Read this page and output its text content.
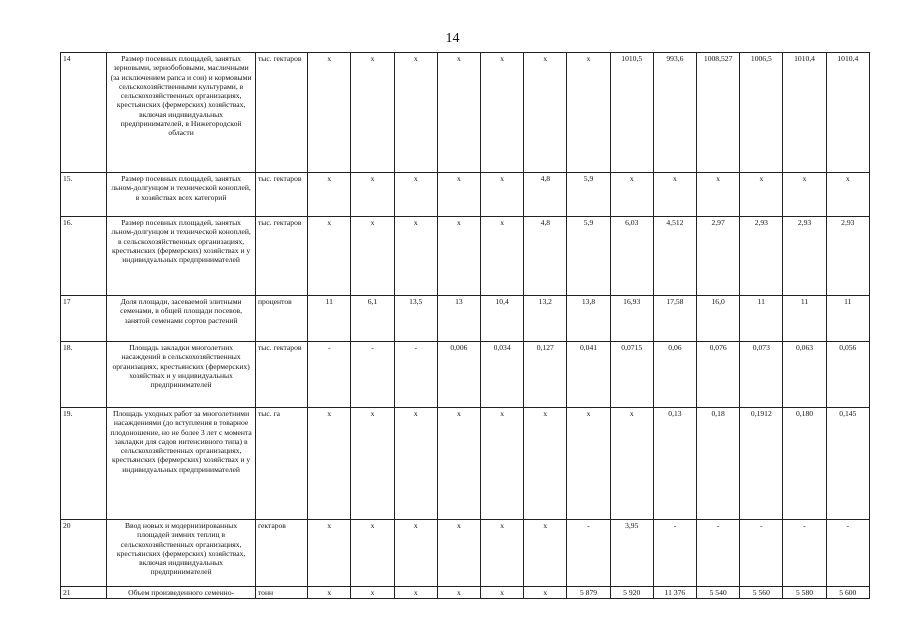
14
14	Размер посевных площадей, занятых зерновыми, зернобобовыми, масличными (за исключением рапса и сои) и кормовыми сельскохозяйственными культурами, в сельскохозяйственных организациях, крестьянских (фермерских) хозяйствах, включая индивидуальных предпринимателей, в Нижегородской области	тыс. гектаров	х	х	х	х	х	х	х	1010,5	993,6	1008,527	1006,5	1010,4	1010,4
15.	Размер посевных площадей, занятых льном-долгунцом и технической коноплей, в хозяйствах всех категорий	тыс. гектаров	х	х	х	х	х	4,8	5,9	х	х	х	х	х	х
16.	Размер посевных площадей, занятых льном-долгунцом и технической коноплей, в сельскохозяйственных организациях, крестьянских (фермерских) хозяйствах и у индивидуальных предпринимателей	тыс. гектаров	х	х	х	х	х	4,8	5,9	6,03	4,512	2,97	2,93	2,93	2,93
17	Доля площади, засеваемой элитными семенами, в общей площади посевов, занятой семенами сортов растений	процентов	11	6,1	13,5	13	10,4	13,2	13,8	16,93	17,58	16,0	11	11	11
18.	Площадь закладки многолетних насаждений в сельскохозяйственных организациях, крестьянских (фермерских) хозяйствах и у индивидуальных предпринимателей	тыс. гектаров	-	-	-	0,006	0,034	0,127	0,041	0,0715	0,06	0,076	0,073	0,063	0,056
19.	Площадь уходных работ за многолетними насаждениями (до вступления в товарное плодоношение, но не более 3 лет с момента закладки для садов интенсивного типа) в сельскохозяйственных организациях, крестьянских (фермерских) хозяйствах и у индивидуальных предпринимателей	тыс. га	х	х	х	х	х	х	х	х	0,13	0,18	0,1912	0,180	0,145
20	Ввод новых и модернизированных площадей зимних теплиц в сельскохозяйственных организациях, крестьянских (фермерских) хозяйствах, включая индивидуальных предпринимателей	гектаров	х	х	х	х	х	х	-	3,95	-	-	-	-	-
21	Объем произведенного семенно-	тонн	х	х	х	х	х	х	5 879	5 920	11 376	5 540	5 560	5 580	5 600
